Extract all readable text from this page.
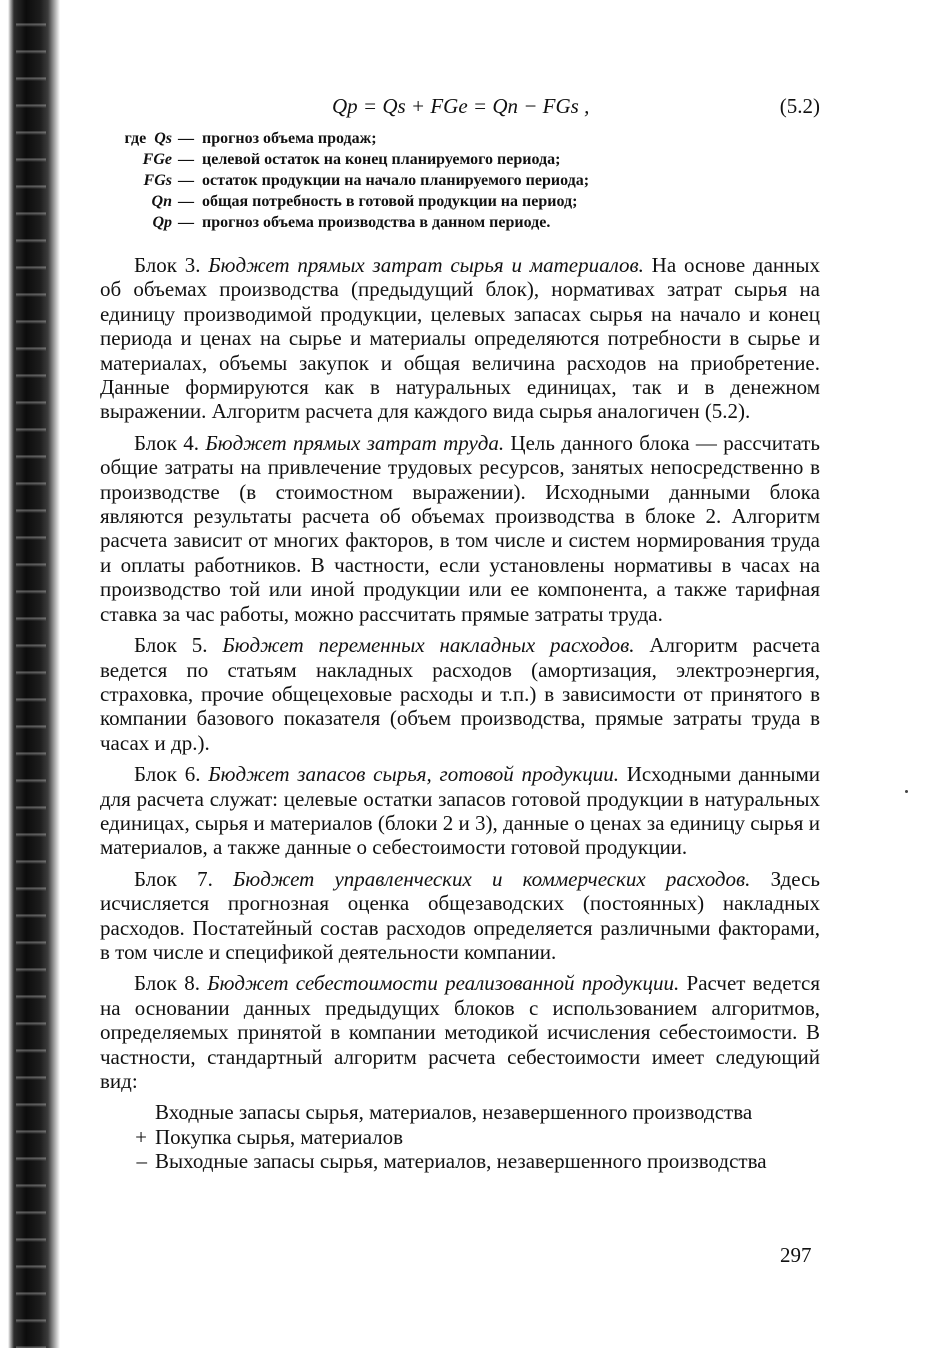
Qp = Qs + FGe = Qn − FGs ,	(5.2)
где Qs — прогноз объема продаж;
FGe — целевой остаток на конец планируемого периода;
FGs — остаток продукции на начало планируемого периода;
Qn — общая потребность в готовой продукции на период;
Qp — прогноз объема производства в данном периоде.

Блок 3. Бюджет прямых затрат сырья и материалов. На основе данных об объемах производства (предыдущий блок), нормативах затрат сырья на единицу производимой продукции, целевых запасах сырья на начало и конец периода и ценах на сырье и материалы определяются потребности в сырье и материалах, объемы закупок и общая величина расходов на приобретение. Данные формируются как в натуральных единицах, так и в денежном выражении. Алгоритм расчета для каждого вида сырья аналогичен (5.2).

Блок 4. Бюджет прямых затрат труда. Цель данного блока — рассчитать общие затраты на привлечение трудовых ресурсов, занятых непосредственно в производстве (в стоимостном выражении). Исходными данными блока являются результаты расчета об объемах производства в блоке 2. Алгоритм расчета зависит от многих факторов, в том числе и систем нормирования труда и оплаты работников. В частности, если установлены нормативы в часах на производство той или иной продукции или ее компонента, а также тарифная ставка за час работы, можно рассчитать прямые затраты труда.

Блок 5. Бюджет переменных накладных расходов. Алгоритм расчета ведется по статьям накладных расходов (амортизация, электроэнергия, страховка, прочие общецеховые расходы и т.п.) в зависимости от принятого в компании базового показателя (объем производства, прямые затраты труда в часах и др.).

Блок 6. Бюджет запасов сырья, готовой продукции. Исходными данными для расчета служат: целевые остатки запасов готовой продукции в натуральных единицах, сырья и материалов (блоки 2 и 3), данные о ценах за единицу сырья и материалов, а также данные о себестоимости готовой продукции.

Блок 7. Бюджет управленческих и коммерческих расходов. Здесь исчисляется прогнозная оценка общезаводских (постоянных) накладных расходов. Постатейный состав расходов определяется различными факторами, в том числе и спецификой деятельности компании.

Блок 8. Бюджет себестоимости реализованной продукции. Расчет ведется на основании данных предыдущих блоков с использованием алгоритмов, определяемых принятой в компании методикой исчисления себестоимости. В частности, стандартный алгоритм расчета себестоимости имеет следующий вид:

Входные запасы сырья, материалов, незавершенного производства
+ Покупка сырья, материалов
– Выходные запасы сырья, материалов, незавершенного производства
297
